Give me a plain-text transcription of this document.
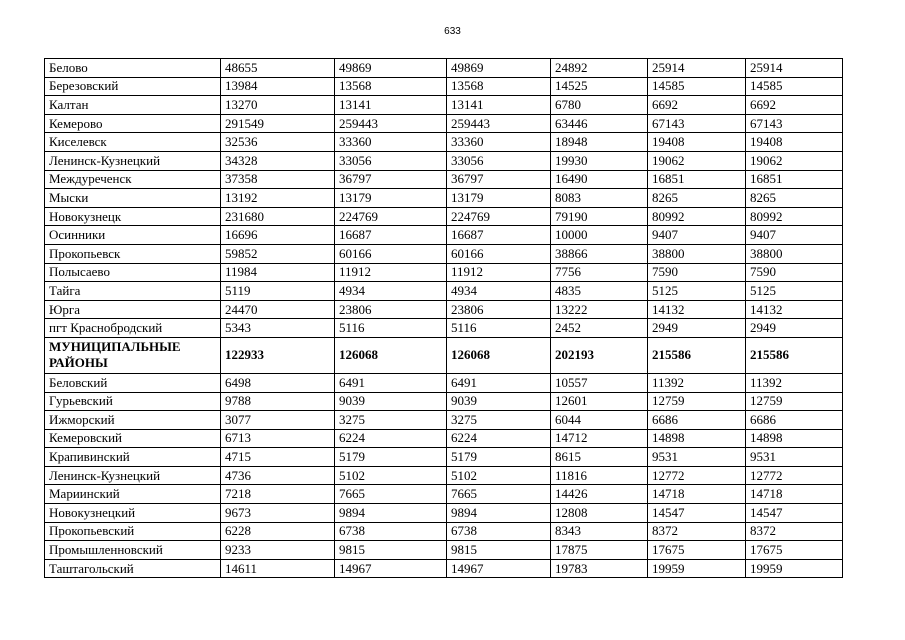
633
Белово	48655	49869	49869	24892	25914	25914
Березовский	13984	13568	13568	14525	14585	14585
Калтан	13270	13141	13141	6780	6692	6692
Кемерово	291549	259443	259443	63446	67143	67143
Киселевск	32536	33360	33360	18948	19408	19408
Ленинск-Кузнецкий	34328	33056	33056	19930	19062	19062
Междуреченск	37358	36797	36797	16490	16851	16851
Мыски	13192	13179	13179	8083	8265	8265
Новокузнецк	231680	224769	224769	79190	80992	80992
Осинники	16696	16687	16687	10000	9407	9407
Прокопьевск	59852	60166	60166	38866	38800	38800
Полысаево	11984	11912	11912	7756	7590	7590
Тайга	5119	4934	4934	4835	5125	5125
Юрга	24470	23806	23806	13222	14132	14132
пгт Краснобродский	5343	5116	5116	2452	2949	2949
МУНИЦИПАЛЬНЫЕ РАЙОНЫ	122933	126068	126068	202193	215586	215586
Беловский	6498	6491	6491	10557	11392	11392
Гурьевский	9788	9039	9039	12601	12759	12759
Ижморский	3077	3275	3275	6044	6686	6686
Кемеровский	6713	6224	6224	14712	14898	14898
Крапивинский	4715	5179	5179	8615	9531	9531
Ленинск-Кузнецкий	4736	5102	5102	11816	12772	12772
Мариинский	7218	7665	7665	14426	14718	14718
Новокузнецкий	9673	9894	9894	12808	14547	14547
Прокопьевский	6228	6738	6738	8343	8372	8372
Промышленновский	9233	9815	9815	17875	17675	17675
Таштагольский	14611	14967	14967	19783	19959	19959
